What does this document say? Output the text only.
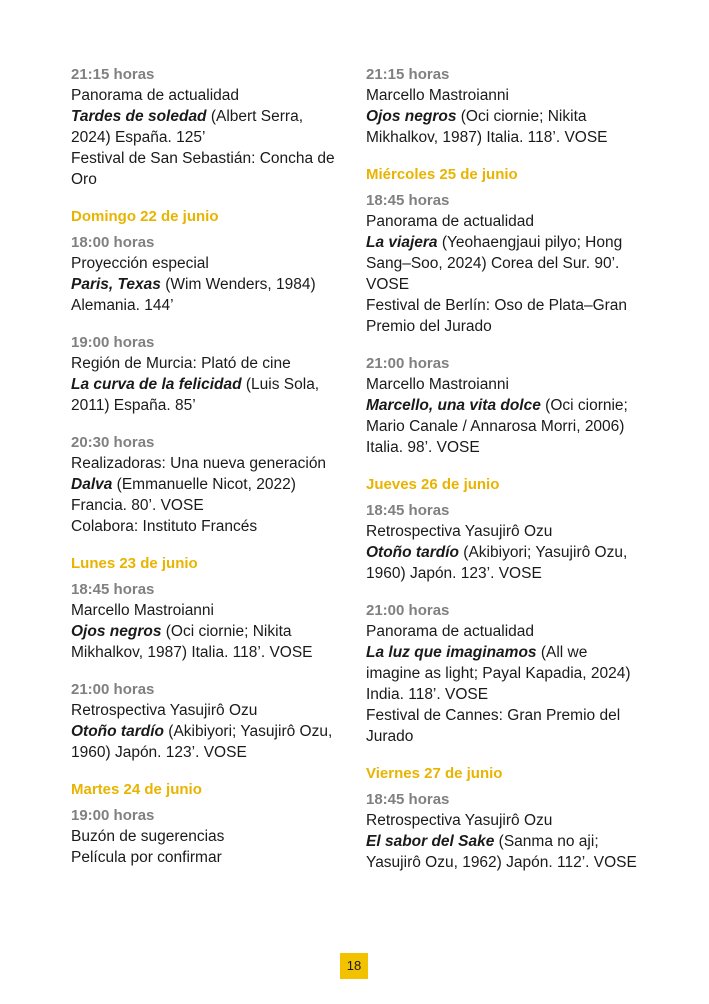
21:15 horas
Panorama de actualidad
Tardes de soledad (Albert Serra, 2024) España. 125’
Festival de San Sebastián: Concha de Oro
Domingo 22 de junio
18:00 horas
Proyección especial
Paris, Texas (Wim Wenders, 1984) Alemania. 144’
19:00 horas
Región de Murcia: Plató de cine
La curva de la felicidad (Luis Sola, 2011) España. 85’
20:30 horas
Realizadoras: Una nueva generación
Dalva (Emmanuelle Nicot, 2022) Francia. 80’. VOSE
Colabora: Instituto Francés
Lunes 23 de junio
18:45 horas
Marcello Mastroianni
Ojos negros (Oci ciornie; Nikita Mikhalkov, 1987) Italia. 118’. VOSE
21:00 horas
Retrospectiva Yasujirô Ozu
Otoño tardío (Akibiyori; Yasujirô Ozu, 1960) Japón. 123’. VOSE
Martes 24 de junio
19:00 horas
Buzón de sugerencias
Película por confirmar
21:15 horas
Marcello Mastroianni
Ojos negros (Oci ciornie; Nikita Mikhalkov, 1987) Italia. 118’. VOSE
Miércoles 25 de junio
18:45 horas
Panorama de actualidad
La viajera (Yeohaengjaui pilyo; Hong Sang–Soo, 2024) Corea del Sur. 90’. VOSE
Festival de Berlín: Oso de Plata–Gran Premio del Jurado
21:00 horas
Marcello Mastroianni
Marcello, una vita dolce (Oci ciornie; Mario Canale / Annarosa Morri, 2006) Italia. 98’. VOSE
Jueves 26 de junio
18:45 horas
Retrospectiva Yasujirô Ozu
Otoño tardío (Akibiyori; Yasujirô Ozu, 1960) Japón. 123’. VOSE
21:00 horas
Panorama de actualidad
La luz que imaginamos (All we imagine as light; Payal Kapadia, 2024) India. 118’. VOSE
Festival de Cannes: Gran Premio del Jurado
Viernes 27 de junio
18:45 horas
Retrospectiva Yasujirô Ozu
El sabor del Sake (Sanma no aji; Yasujirô Ozu, 1962) Japón. 112’. VOSE
18
